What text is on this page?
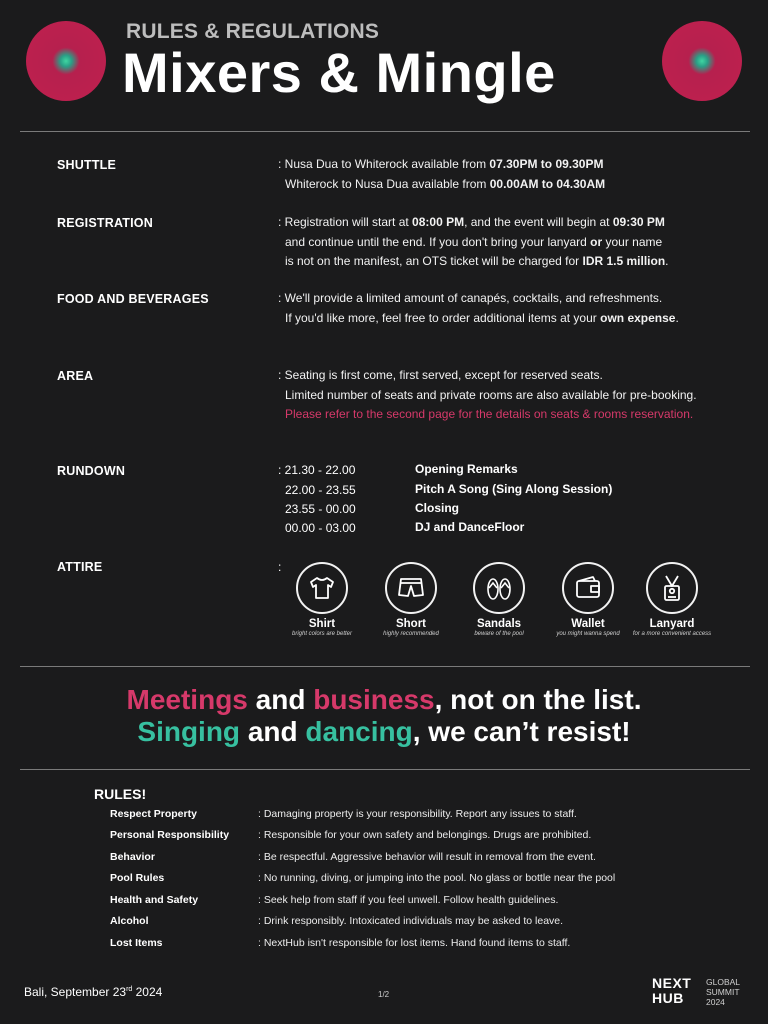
RULES & REGULATIONS
Mixers & Mingle
SHUTTLE	: Nusa Dua to Whiterock available from 07.30PM to 09.30PM
Whiterock to Nusa Dua available from 00.00AM to 04.30AM
REGISTRATION	: Registration will start at 08:00 PM, and the event will begin at 09:30 PM
and continue until the end. If you don't bring your lanyard or your name
is not on the manifest, an OTS ticket will be charged for IDR 1.5 million.
FOOD AND BEVERAGES	: We'll provide a limited amount of canapés, cocktails, and refreshments.
If you'd like more, feel free to order additional items at your own expense.
AREA	: Seating is first come, first served, except for reserved seats.
Limited number of seats and private rooms are also available for pre-booking.
Please refer to the second page for the details on seats & rooms reservation.
RUNDOWN	: 21.30 - 22.00	Opening Remarks
22.00 - 23.55	Pitch A Song (Sing Along Session)
23.55 - 00.00	Closing
00.00 - 03.00	DJ and DanceFloor
ATTIRE	:
Shirt
bright colors are better
Short
highly recommended
Sandals
beware of the pool
Wallet
you might wanna spend
Lanyard
for a more convenient access
Meetings and business, not on the list.
Singing and dancing, we can’t resist!
RULES!
Respect Property	: Damaging property is your responsibility. Report any issues to staff.
Personal Responsibility	: Responsible for your own safety and belongings. Drugs are prohibited.
Behavior	: Be respectful. Aggressive behavior will result in removal from the event.
Pool Rules	: No running, diving, or jumping into the pool. No glass or bottle near the pool
Health and Safety	: Seek help from staff if you feel unwell. Follow health guidelines.
Alcohol	: Drink responsibly. Intoxicated individuals may be asked to leave.
Lost Items	: NextHub isn't responsible for lost items. Hand found items to staff.
Bali, September 23rd 2024	1/2
NEXT
HUB
GLOBAL
SUMMIT
2024
